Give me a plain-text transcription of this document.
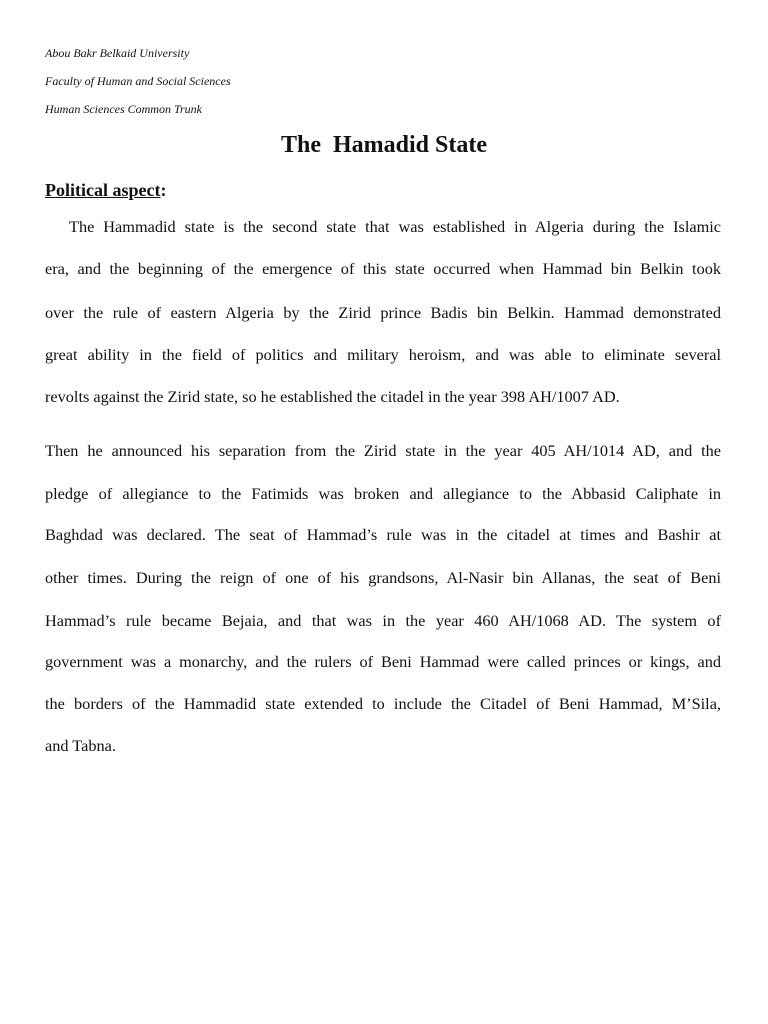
Abou Bakr Belkaid University
Faculty of Human and Social Sciences
Human Sciences Common Trunk
The  Hamadid State
Political aspect:
The Hammadid state is the second state that was established in Algeria during the Islamic
era, and the beginning of the emergence of this state occurred when Hammad bin Belkin took
over the rule of eastern Algeria by the Zirid prince Badis bin Belkin. Hammad demonstrated
great ability in the field of politics and military heroism, and was able to eliminate several
revolts against the Zirid state, so he established the citadel in the year 398 AH/1007 AD.
Then he announced his separation from the Zirid state in the year 405 AH/1014 AD, and the
pledge of allegiance to the Fatimids was broken and allegiance to the Abbasid Caliphate in
Baghdad was declared. The seat of Hammad’s rule was in the citadel at times and Bashir at
other times. During the reign of one of his grandsons, Al-Nasir bin Allanas, the seat of Beni
Hammad’s rule became Bejaia, and that was in the year 460 AH/1068 AD. The system of
government was a monarchy, and the rulers of Beni Hammad were called princes or kings, and
the borders of the Hammadid state extended to include the Citadel of Beni Hammad, M’Sila,
and Tabna.
